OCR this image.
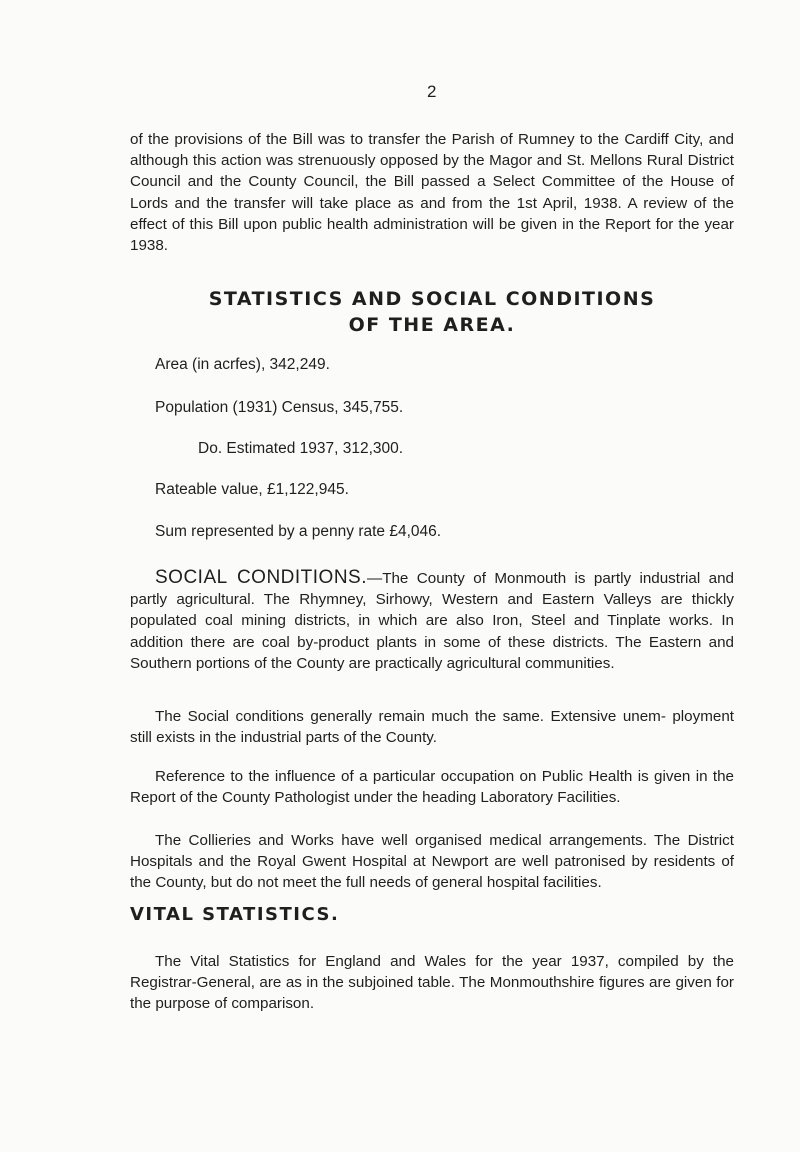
2

of the provisions of the Bill was to transfer the Parish of Rumney to the Cardiff City, and although this action was strenuously opposed by the Magor and St. Mellons Rural District Council and the County Council, the Bill passed a Select Committee of the House of Lords and the transfer will take place as and from the 1st April, 1938. A review of the effect of this Bill upon public health administration will be given in the Report for the year 1938.

STATISTICS AND SOCIAL CONDITIONS
OF THE AREA.

Area (in acrfes), 342,249.

Population (1931) Census, 345,755.

Do. Estimated 1937, 312,300.

Rateable value, £1,122,945.

Sum represented by a penny rate £4,046.

SOCIAL CONDITIONS.—The County of Monmouth is partly industrial and partly agricultural. The Rhymney, Sirhowy, Western and Eastern Valleys are thickly populated coal mining districts, in which are also Iron, Steel and Tinplate works. In addition there are coal by-product plants in some of these districts. The Eastern and Southern portions of the County are practically agricultural communities.

The Social conditions generally remain much the same. Extensive unem- ployment still exists in the industrial parts of the County.

Reference to the influence of a particular occupation on Public Health is given in the Report of the County Pathologist under the heading Laboratory Facilities.

The Collieries and Works have well organised medical arrangements. The District Hospitals and the Royal Gwent Hospital at Newport are well patronised by residents of the County, but do not meet the full needs of general hospital facilities.

VITAL STATISTICS.

The Vital Statistics for England and Wales for the year 1937, compiled by the Registrar-General, are as in the subjoined table. The Monmouthshire figures are given for the purpose of comparison.
